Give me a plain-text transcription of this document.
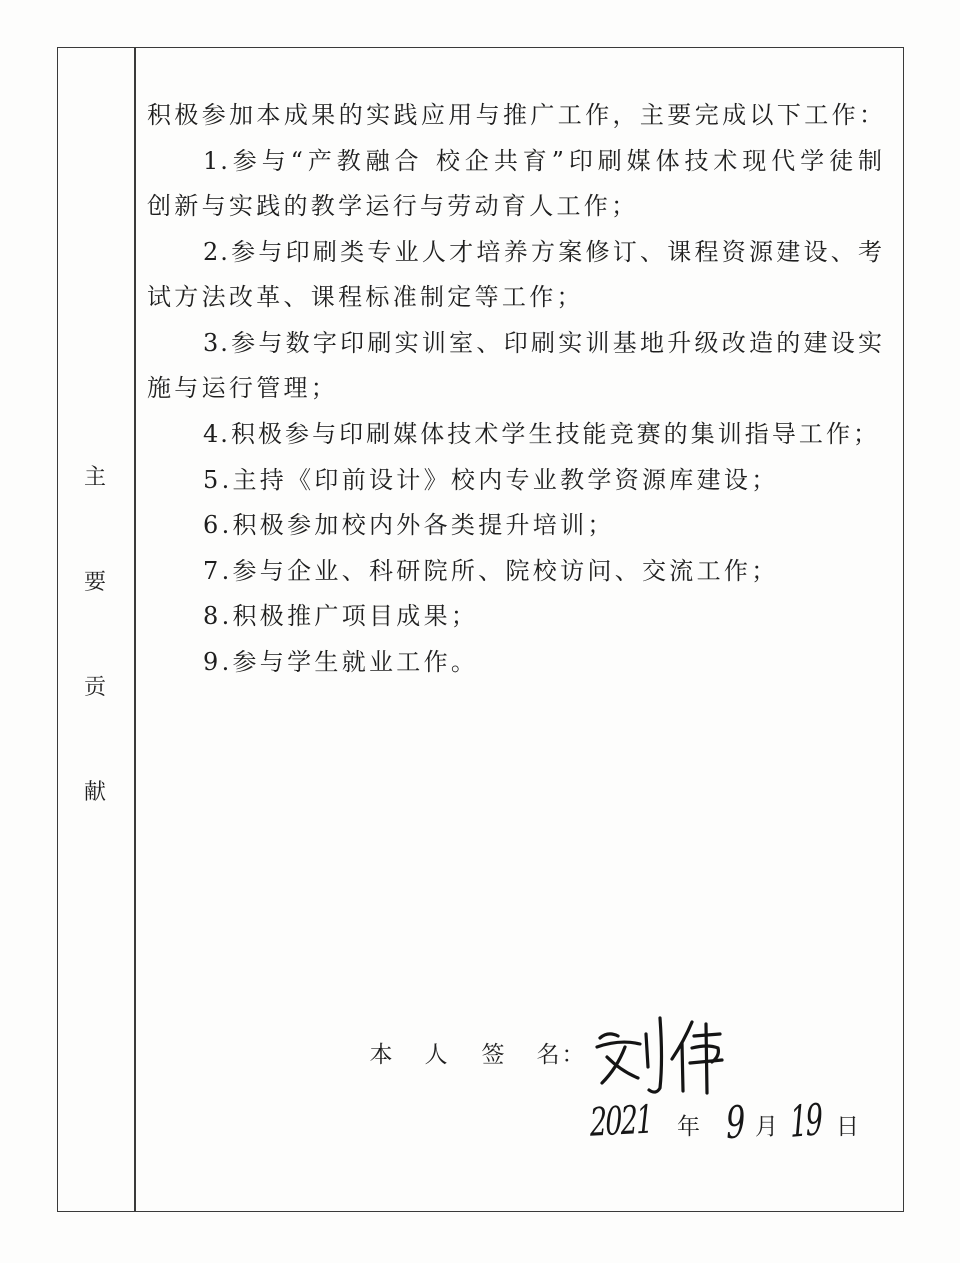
主
要
贡
献
积极参加本成果的实践应用与推广工作，主要完成以下工作：
1.参与“产教融合 校企共育”印刷媒体技术现代学徒制
创新与实践的教学运行与劳动育人工作；
2.参与印刷类专业人才培养方案修订、课程资源建设、考
试方法改革、课程标准制定等工作；
3.参与数字印刷实训室、印刷实训基地升级改造的建设实
施与运行管理；
4.积极参与印刷媒体技术学生技能竞赛的集训指导工作；
5.主持《印前设计》校内专业教学资源库建设；
6.积极参加校内外各类提升培训；
7.参与企业、科研院所、院校访问、交流工作；
8.积极推广项目成果；
9.参与学生就业工作。
本 人 签 名 ：
2021 年 9 月 19 日
